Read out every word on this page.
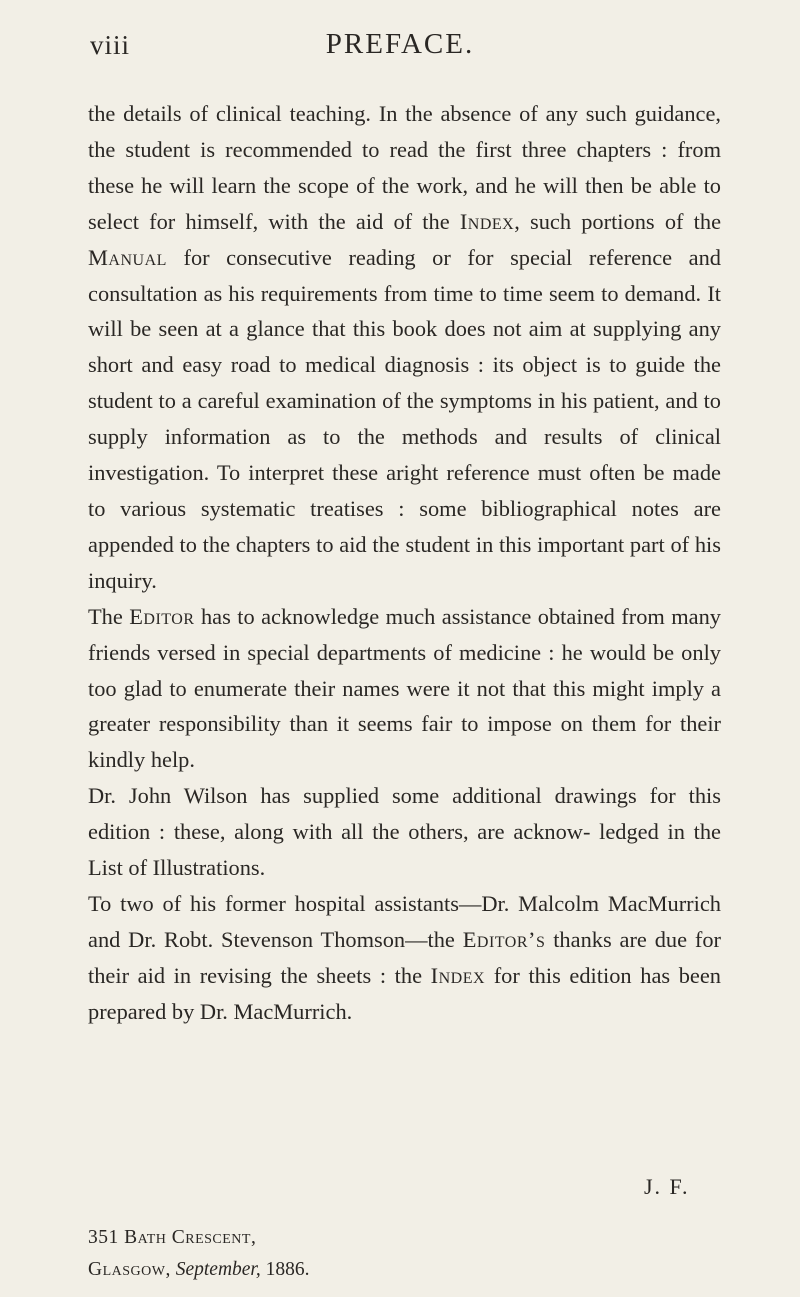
viii	PREFACE.

the details of clinical teaching. In the absence of any such guidance, the student is recommended to read the first three chapters : from these he will learn the scope of the work, and he will then be able to select for himself, with the aid of the Index, such portions of the Manual for consecutive reading or for special reference and consultation as his requirements from time to time seem to demand. It will be seen at a glance that this book does not aim at supplying any short and easy road to medical diagnosis : its object is to guide the student to a careful examination of the symptoms in his patient, and to supply information as to the methods and results of clinical investigation. To interpret these aright reference must often be made to various systematic treatises : some bibliographical notes are appended to the chapters to aid the student in this important part of his inquiry.

The Editor has to acknowledge much assistance obtained from many friends versed in special departments of medicine : he would be only too glad to enumerate their names were it not that this might imply a greater responsibility than it seems fair to impose on them for their kindly help.

Dr. John Wilson has supplied some additional drawings for this edition : these, along with all the others, are acknow- ledged in the List of Illustrations.

To two of his former hospital assistants—Dr. Malcolm MacMurrich and Dr. Robt. Stevenson Thomson—the Editor’s thanks are due for their aid in revising the sheets : the Index for this edition has been prepared by Dr. MacMurrich.

J. F.
351 Bath Crescent,
Glasgow, September, 1886.
